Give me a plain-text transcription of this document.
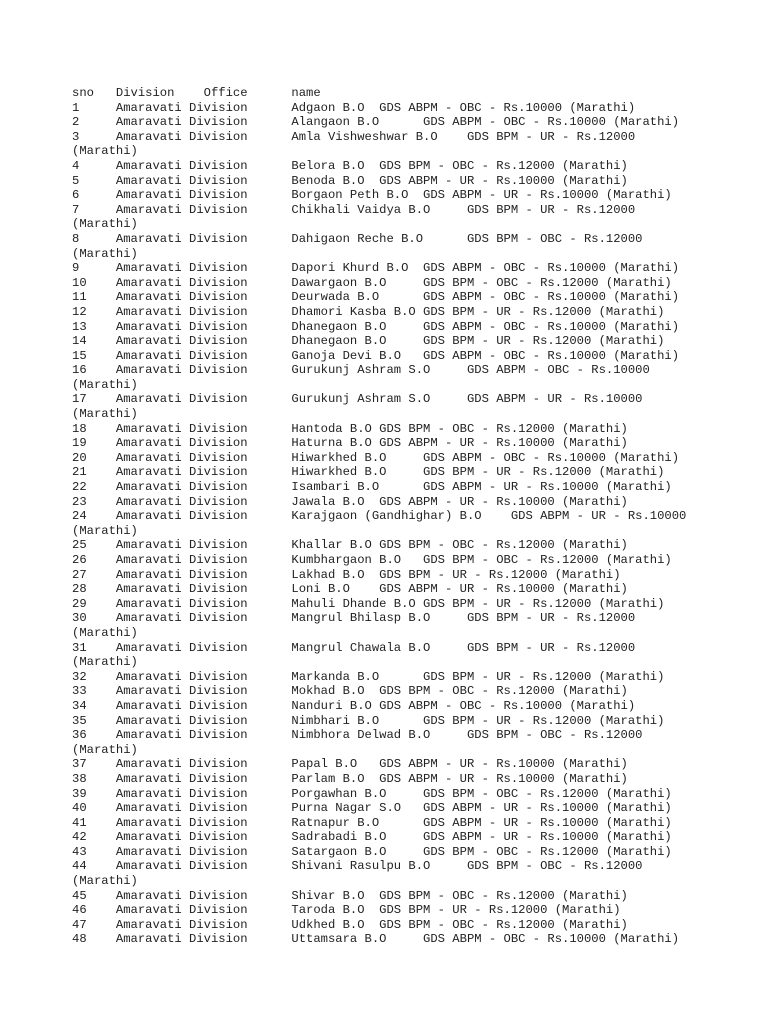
sno   Division    Office      name
1     Amaravati Division      Adgaon B.O  GDS ABPM - OBC - Rs.10000 (Marathi)
2     Amaravati Division      Alangaon B.O      GDS ABPM - OBC - Rs.10000 (Marathi)
3     Amaravati Division      Amla Vishweshwar B.O    GDS BPM - UR - Rs.12000
(Marathi)
4     Amaravati Division      Belora B.O  GDS BPM - OBC - Rs.12000 (Marathi)
5     Amaravati Division      Benoda B.O  GDS ABPM - UR - Rs.10000 (Marathi)
6     Amaravati Division      Borgaon Peth B.O  GDS ABPM - UR - Rs.10000 (Marathi)
7     Amaravati Division      Chikhali Vaidya B.O     GDS BPM - UR - Rs.12000
(Marathi)
8     Amaravati Division      Dahigaon Reche B.O      GDS BPM - OBC - Rs.12000
(Marathi)
9     Amaravati Division      Dapori Khurd B.O  GDS ABPM - OBC - Rs.10000 (Marathi)
10    Amaravati Division      Dawargaon B.O     GDS BPM - OBC - Rs.12000 (Marathi)
11    Amaravati Division      Deurwada B.O      GDS ABPM - OBC - Rs.10000 (Marathi)
12    Amaravati Division      Dhamori Kasba B.O GDS BPM - UR - Rs.12000 (Marathi)
13    Amaravati Division      Dhanegaon B.O     GDS ABPM - OBC - Rs.10000 (Marathi)
14    Amaravati Division      Dhanegaon B.O     GDS BPM - UR - Rs.12000 (Marathi)
15    Amaravati Division      Ganoja Devi B.O   GDS ABPM - OBC - Rs.10000 (Marathi)
16    Amaravati Division      Gurukunj Ashram S.O     GDS ABPM - OBC - Rs.10000
(Marathi)
17    Amaravati Division      Gurukunj Ashram S.O     GDS ABPM - UR - Rs.10000
(Marathi)
18    Amaravati Division      Hantoda B.O GDS BPM - OBC - Rs.12000 (Marathi)
19    Amaravati Division      Haturna B.O GDS ABPM - UR - Rs.10000 (Marathi)
20    Amaravati Division      Hiwarkhed B.O     GDS ABPM - OBC - Rs.10000 (Marathi)
21    Amaravati Division      Hiwarkhed B.O     GDS BPM - UR - Rs.12000 (Marathi)
22    Amaravati Division      Isambari B.O      GDS ABPM - UR - Rs.10000 (Marathi)
23    Amaravati Division      Jawala B.O  GDS ABPM - UR - Rs.10000 (Marathi)
24    Amaravati Division      Karajgaon (Gandhighar) B.O    GDS ABPM - UR - Rs.10000
(Marathi)
25    Amaravati Division      Khallar B.O GDS BPM - OBC - Rs.12000 (Marathi)
26    Amaravati Division      Kumbhargaon B.O   GDS BPM - OBC - Rs.12000 (Marathi)
27    Amaravati Division      Lakhad B.O  GDS BPM - UR - Rs.12000 (Marathi)
28    Amaravati Division      Loni B.O    GDS ABPM - UR - Rs.10000 (Marathi)
29    Amaravati Division      Mahuli Dhande B.O GDS BPM - UR - Rs.12000 (Marathi)
30    Amaravati Division      Mangrul Bhilasp B.O     GDS BPM - UR - Rs.12000
(Marathi)
31    Amaravati Division      Mangrul Chawala B.O     GDS BPM - UR - Rs.12000
(Marathi)
32    Amaravati Division      Markanda B.O      GDS BPM - UR - Rs.12000 (Marathi)
33    Amaravati Division      Mokhad B.O  GDS BPM - OBC - Rs.12000 (Marathi)
34    Amaravati Division      Nanduri B.O GDS ABPM - OBC - Rs.10000 (Marathi)
35    Amaravati Division      Nimbhari B.O      GDS BPM - UR - Rs.12000 (Marathi)
36    Amaravati Division      Nimbhora Delwad B.O     GDS BPM - OBC - Rs.12000
(Marathi)
37    Amaravati Division      Papal B.O   GDS ABPM - UR - Rs.10000 (Marathi)
38    Amaravati Division      Parlam B.O  GDS ABPM - UR - Rs.10000 (Marathi)
39    Amaravati Division      Porgawhan B.O     GDS BPM - OBC - Rs.12000 (Marathi)
40    Amaravati Division      Purna Nagar S.O   GDS ABPM - UR - Rs.10000 (Marathi)
41    Amaravati Division      Ratnapur B.O      GDS ABPM - UR - Rs.10000 (Marathi)
42    Amaravati Division      Sadrabadi B.O     GDS ABPM - UR - Rs.10000 (Marathi)
43    Amaravati Division      Satargaon B.O     GDS BPM - OBC - Rs.12000 (Marathi)
44    Amaravati Division      Shivani Rasulpu B.O     GDS BPM - OBC - Rs.12000
(Marathi)
45    Amaravati Division      Shivar B.O  GDS BPM - OBC - Rs.12000 (Marathi)
46    Amaravati Division      Taroda B.O  GDS BPM - UR - Rs.12000 (Marathi)
47    Amaravati Division      Udkhed B.O  GDS BPM - OBC - Rs.12000 (Marathi)
48    Amaravati Division      Uttamsara B.O     GDS ABPM - OBC - Rs.10000 (Marathi)
